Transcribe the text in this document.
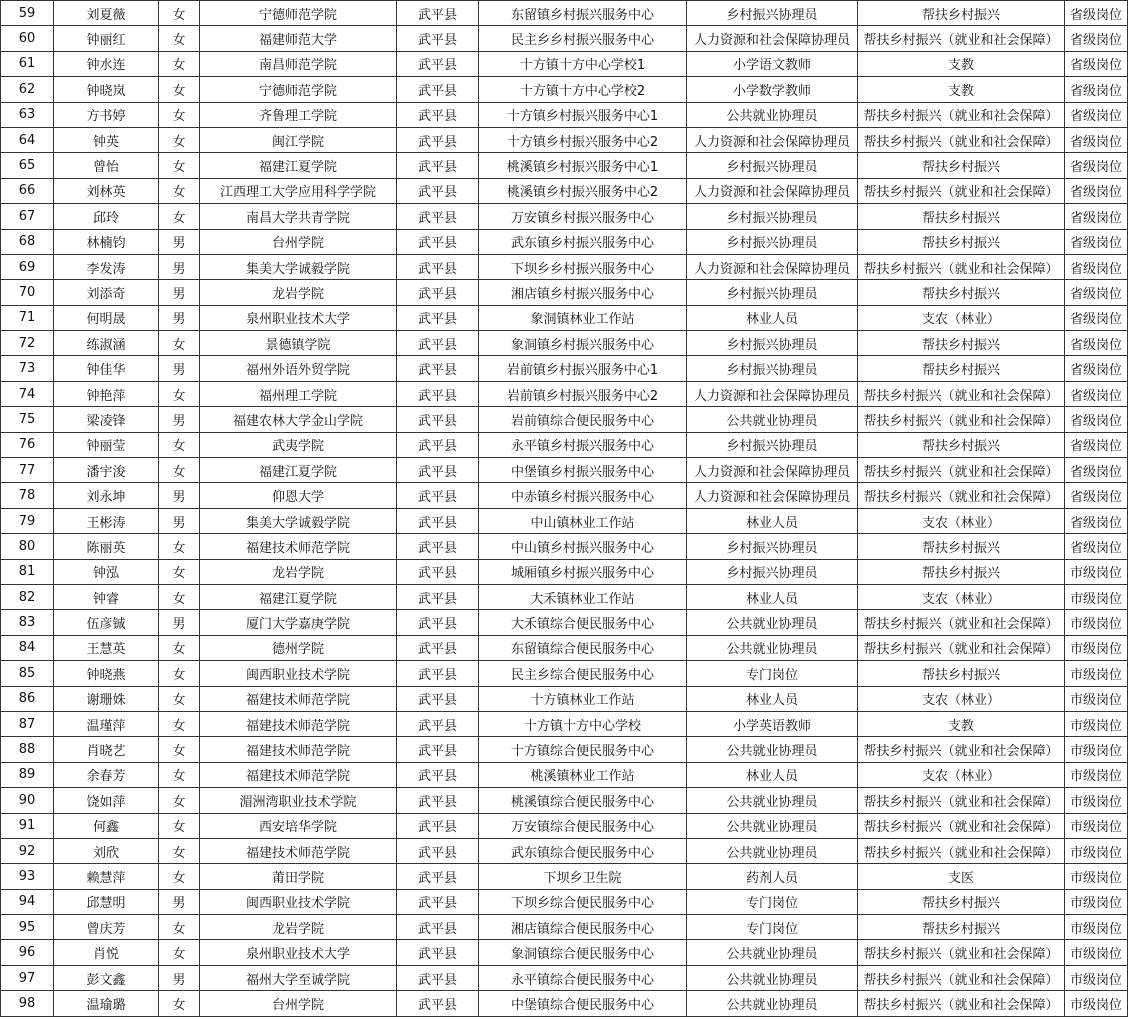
59	刘夏薇	女	宁德师范学院	武平县	东留镇乡村振兴服务中心	乡村振兴协理员	帮扶乡村振兴	省级岗位
60	钟丽红	女	福建师范大学	武平县	民主乡乡村振兴服务中心	人力资源和社会保障协理员	帮扶乡村振兴（就业和社会保障）	省级岗位
61	钟水连	女	南昌师范学院	武平县	十方镇十方中心学校1	小学语文教师	支教	省级岗位
62	钟晓岚	女	宁德师范学院	武平县	十方镇十方中心学校2	小学数学教师	支教	省级岗位
63	方书婷	女	齐鲁理工学院	武平县	十方镇乡村振兴服务中心1	公共就业协理员	帮扶乡村振兴（就业和社会保障）	省级岗位
64	钟英	女	闽江学院	武平县	十方镇乡村振兴服务中心2	人力资源和社会保障协理员	帮扶乡村振兴（就业和社会保障）	省级岗位
65	曾怡	女	福建江夏学院	武平县	桃溪镇乡村振兴服务中心1	乡村振兴协理员	帮扶乡村振兴	省级岗位
66	刘林英	女	江西理工大学应用科学学院	武平县	桃溪镇乡村振兴服务中心2	人力资源和社会保障协理员	帮扶乡村振兴（就业和社会保障）	省级岗位
67	邱玲	女	南昌大学共青学院	武平县	万安镇乡村振兴服务中心	乡村振兴协理员	帮扶乡村振兴	省级岗位
68	林楠钧	男	台州学院	武平县	武东镇乡村振兴服务中心	乡村振兴协理员	帮扶乡村振兴	省级岗位
69	李发涛	男	集美大学诚毅学院	武平县	下坝乡乡村振兴服务中心	人力资源和社会保障协理员	帮扶乡村振兴（就业和社会保障）	省级岗位
70	刘添奇	男	龙岩学院	武平县	湘店镇乡村振兴服务中心	乡村振兴协理员	帮扶乡村振兴	省级岗位
71	何明晟	男	泉州职业技术大学	武平县	象洞镇林业工作站	林业人员	支农（林业）	省级岗位
72	练淑涵	女	景德镇学院	武平县	象洞镇乡村振兴服务中心	乡村振兴协理员	帮扶乡村振兴	省级岗位
73	钟佳华	男	福州外语外贸学院	武平县	岩前镇乡村振兴服务中心1	乡村振兴协理员	帮扶乡村振兴	省级岗位
74	钟艳萍	女	福州理工学院	武平县	岩前镇乡村振兴服务中心2	人力资源和社会保障协理员	帮扶乡村振兴（就业和社会保障）	省级岗位
75	梁凌锋	男	福建农林大学金山学院	武平县	岩前镇综合便民服务中心	公共就业协理员	帮扶乡村振兴（就业和社会保障）	省级岗位
76	钟丽莹	女	武夷学院	武平县	永平镇乡村振兴服务中心	乡村振兴协理员	帮扶乡村振兴	省级岗位
77	潘宇浚	女	福建江夏学院	武平县	中堡镇乡村振兴服务中心	人力资源和社会保障协理员	帮扶乡村振兴（就业和社会保障）	省级岗位
78	刘永坤	男	仰恩大学	武平县	中赤镇乡村振兴服务中心	人力资源和社会保障协理员	帮扶乡村振兴（就业和社会保障）	省级岗位
79	王彬涛	男	集美大学诚毅学院	武平县	中山镇林业工作站	林业人员	支农（林业）	省级岗位
80	陈丽英	女	福建技术师范学院	武平县	中山镇乡村振兴服务中心	乡村振兴协理员	帮扶乡村振兴	省级岗位
81	钟泓	女	龙岩学院	武平县	城厢镇乡村振兴服务中心	乡村振兴协理员	帮扶乡村振兴	市级岗位
82	钟睿	女	福建江夏学院	武平县	大禾镇林业工作站	林业人员	支农（林业）	市级岗位
83	伍彦铖	男	厦门大学嘉庚学院	武平县	大禾镇综合便民服务中心	公共就业协理员	帮扶乡村振兴（就业和社会保障）	市级岗位
84	王慧英	女	德州学院	武平县	东留镇综合便民服务中心	公共就业协理员	帮扶乡村振兴（就业和社会保障）	市级岗位
85	钟晓燕	女	闽西职业技术学院	武平县	民主乡综合便民服务中心	专门岗位	帮扶乡村振兴	市级岗位
86	谢珊姝	女	福建技术师范学院	武平县	十方镇林业工作站	林业人员	支农（林业）	市级岗位
87	温瑾萍	女	福建技术师范学院	武平县	十方镇十方中心学校	小学英语教师	支教	市级岗位
88	肖晓艺	女	福建技术师范学院	武平县	十方镇综合便民服务中心	公共就业协理员	帮扶乡村振兴（就业和社会保障）	市级岗位
89	余春芳	女	福建技术师范学院	武平县	桃溪镇林业工作站	林业人员	支农（林业）	市级岗位
90	饶如萍	女	湄洲湾职业技术学院	武平县	桃溪镇综合便民服务中心	公共就业协理员	帮扶乡村振兴（就业和社会保障）	市级岗位
91	何鑫	女	西安培华学院	武平县	万安镇综合便民服务中心	公共就业协理员	帮扶乡村振兴（就业和社会保障）	市级岗位
92	刘欣	女	福建技术师范学院	武平县	武东镇综合便民服务中心	公共就业协理员	帮扶乡村振兴（就业和社会保障）	市级岗位
93	赖慧萍	女	莆田学院	武平县	下坝乡卫生院	药剂人员	支医	市级岗位
94	邱慧明	男	闽西职业技术学院	武平县	下坝乡综合便民服务中心	专门岗位	帮扶乡村振兴	市级岗位
95	曾庆芳	女	龙岩学院	武平县	湘店镇综合便民服务中心	专门岗位	帮扶乡村振兴	市级岗位
96	肖悦	女	泉州职业技术大学	武平县	象洞镇综合便民服务中心	公共就业协理员	帮扶乡村振兴（就业和社会保障）	市级岗位
97	彭文鑫	男	福州大学至诚学院	武平县	永平镇综合便民服务中心	公共就业协理员	帮扶乡村振兴（就业和社会保障）	市级岗位
98	温瑜璐	女	台州学院	武平县	中堡镇综合便民服务中心	公共就业协理员	帮扶乡村振兴（就业和社会保障）	市级岗位
